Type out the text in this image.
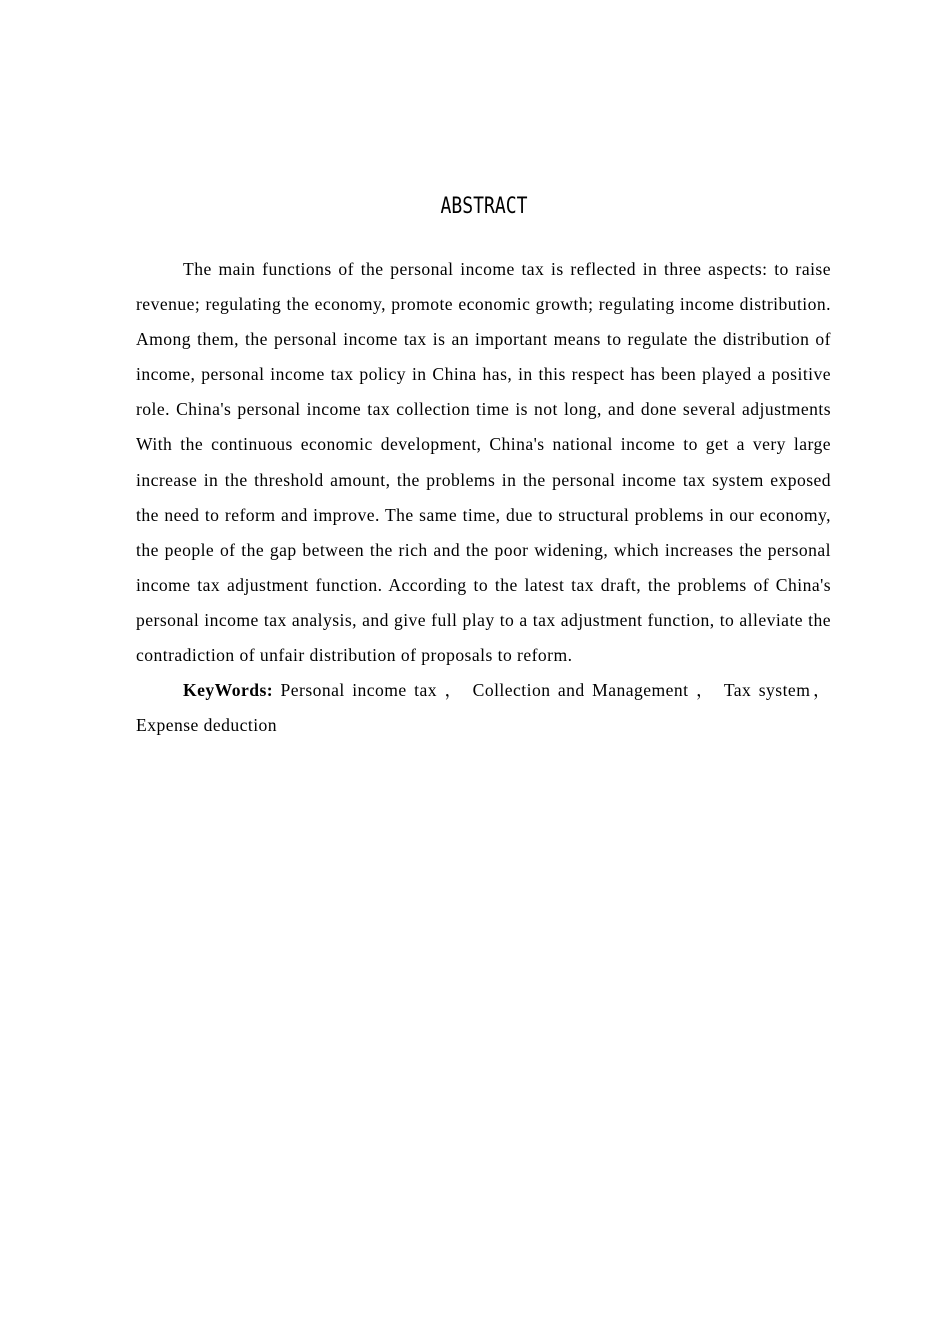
ABSTRACT

The main functions of the personal income tax is reflected in three aspects: to raise revenue; regulating the economy, promote economic growth; regulating income distribution. Among them, the personal income tax is an important means to regulate the distribution of income, personal income tax policy in China has, in this respect has been played a positive role. China's personal income tax collection time is not long, and done several adjustments With the continuous economic development, China's national income to get a very large increase in the threshold amount, the problems in the personal income tax system exposed the need to reform and improve. The same time, due to structural problems in our economy, the people of the gap between the rich and the poor widening, which increases the personal income tax adjustment function. According to the latest tax draft, the problems of China's personal income tax analysis, and give full play to a tax adjustment function, to alleviate the contradiction of unfair distribution of proposals to reform.

KeyWords: Personal income tax ， Collection and Management ， Tax system，Expense deduction
